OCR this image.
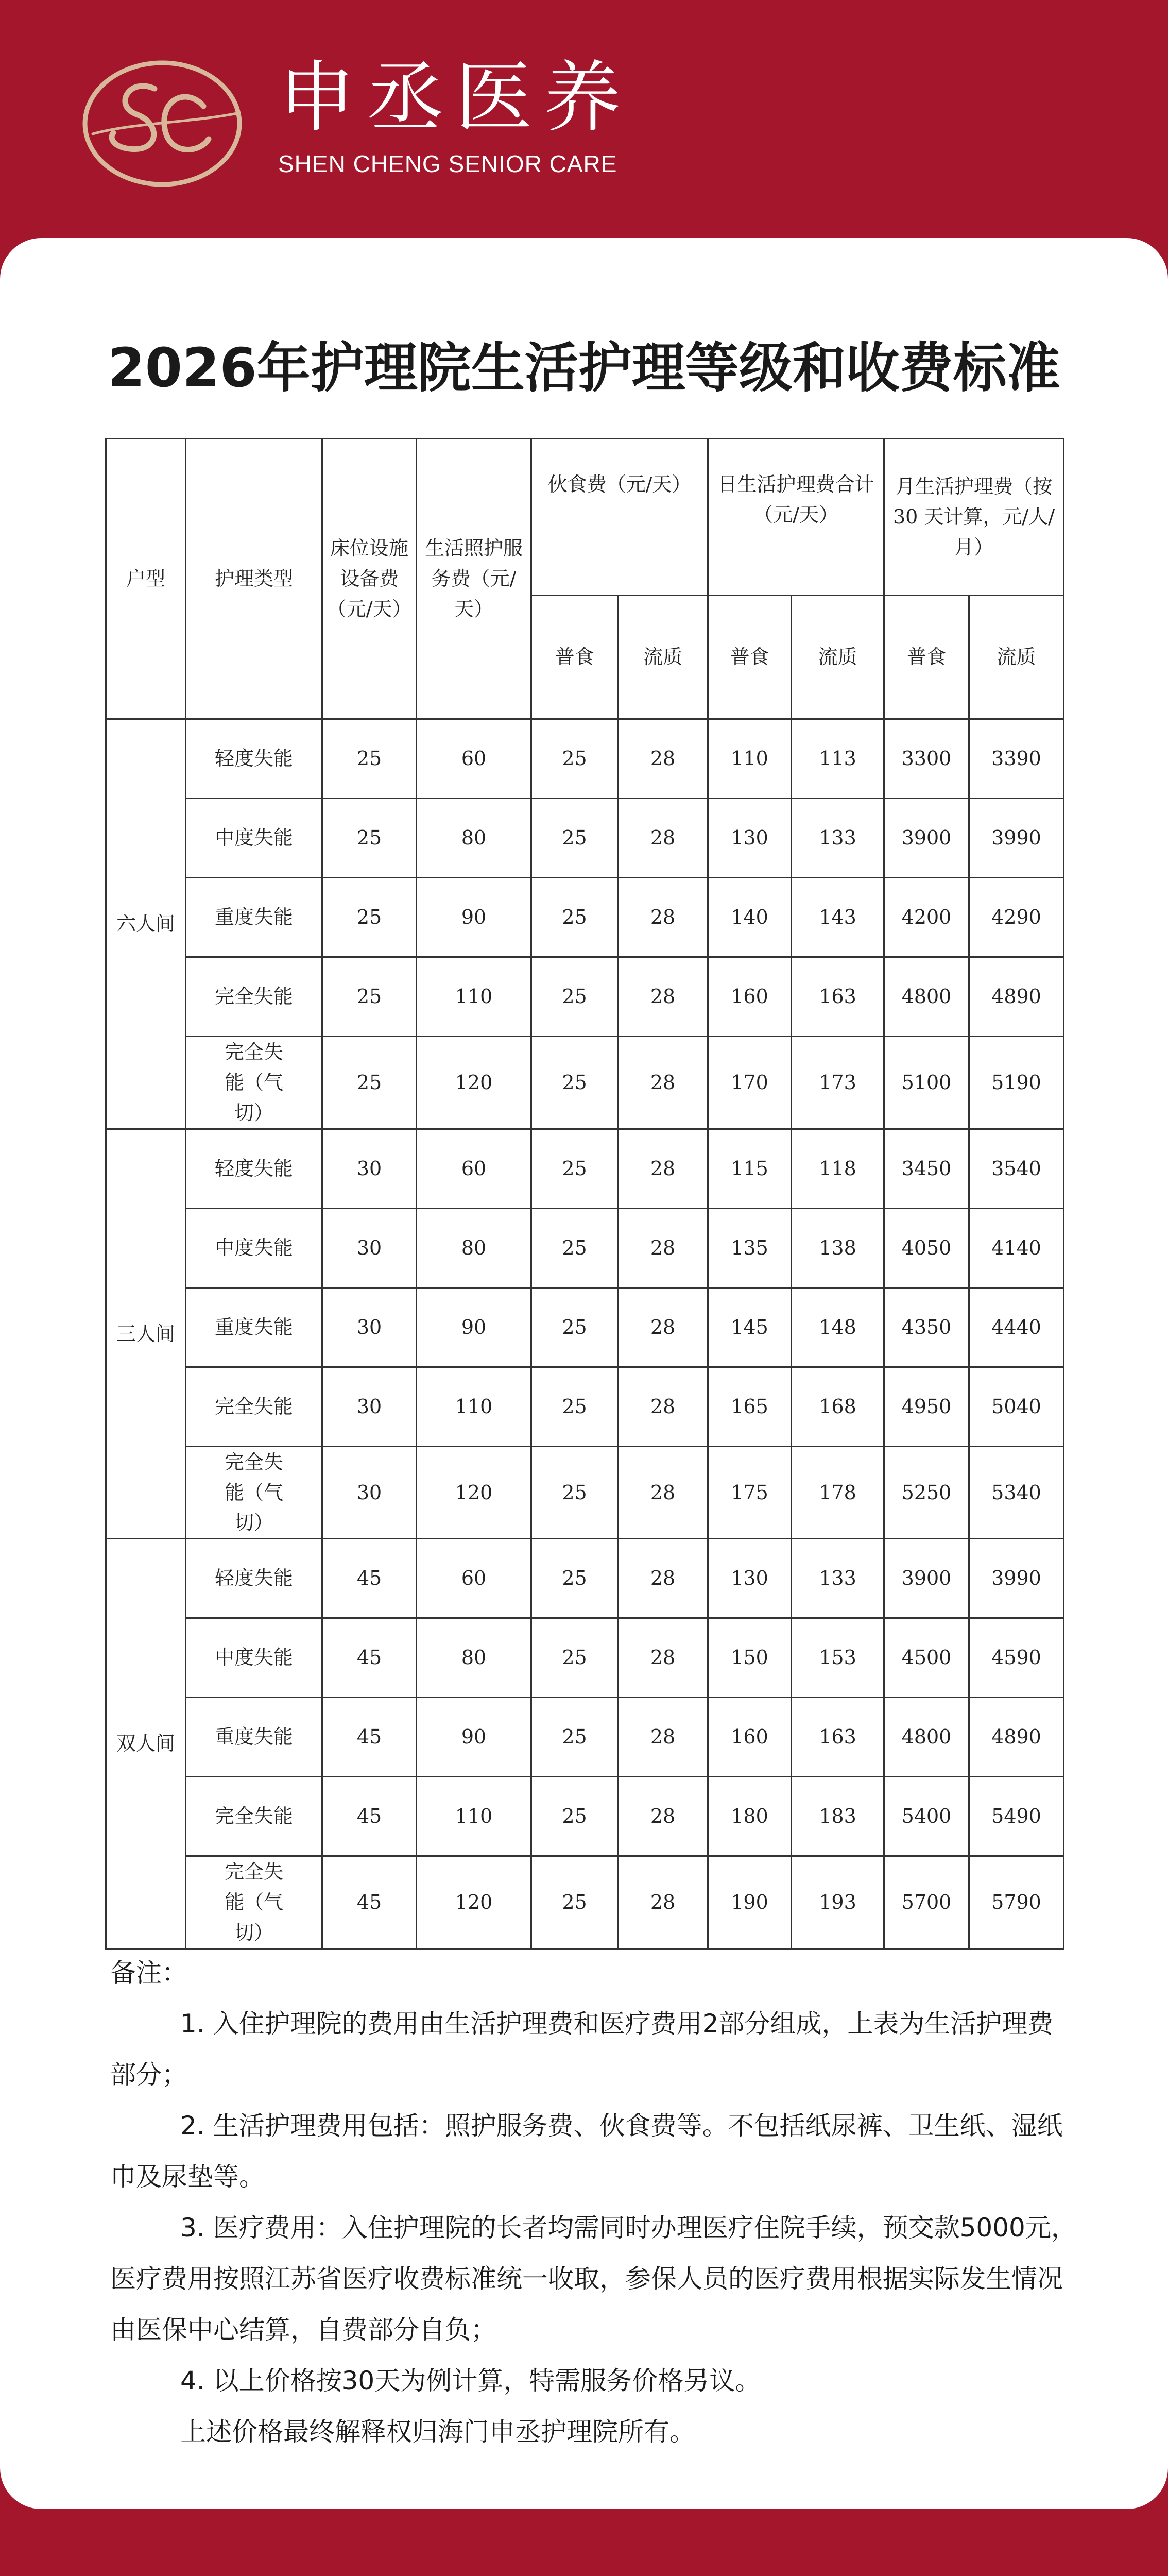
申丞医养
SHEN CHENG SENIOR CARE
2026年护理院生活护理等级和收费标准
户型	护理类型	床位设施设备费（元/天）	生活照护服务费（元/天）	伙食费（元/天）		日生活护理费合计（元/天）		月生活护理费（按 30 天计算，元/人/月）	
				普食	流质	普食	流质	普食	流质
六人间	轻度失能	25	60	25	28	110	113	3300	3390
	中度失能	25	80	25	28	130	133	3900	3990
	重度失能	25	90	25	28	140	143	4200	4290
	完全失能	25	110	25	28	160	163	4800	4890
	完全失能（气切）	25	120	25	28	170	173	5100	5190
三人间	轻度失能	30	60	25	28	115	118	3450	3540
	中度失能	30	80	25	28	135	138	4050	4140
	重度失能	30	90	25	28	145	148	4350	4440
	完全失能	30	110	25	28	165	168	4950	5040
	完全失能（气切）	30	120	25	28	175	178	5250	5340
双人间	轻度失能	45	60	25	28	130	133	3900	3990
	中度失能	45	80	25	28	150	153	4500	4590
	重度失能	45	90	25	28	160	163	4800	4890
	完全失能	45	110	25	28	180	183	5400	5490
	完全失能（气切）	45	120	25	28	190	193	5700	5790

备注：

1. 入住护理院的费用由生活护理费和医疗费用2部分组成，上表为生活护理费部分；

2. 生活护理费用包括：照护服务费、伙食费等。不包括纸尿裤、卫生纸、湿纸巾及尿垫等。

3. 医疗费用：入住护理院的长者均需同时办理医疗住院手续，预交款5000元，医疗费用按照江苏省医疗收费标准统一收取，参保人员的医疗费用根据实际发生情况由医保中心结算，自费部分自负；

4. 以上价格按30天为例计算，特需服务价格另议。

上述价格最终解释权归海门申丞护理院所有。
